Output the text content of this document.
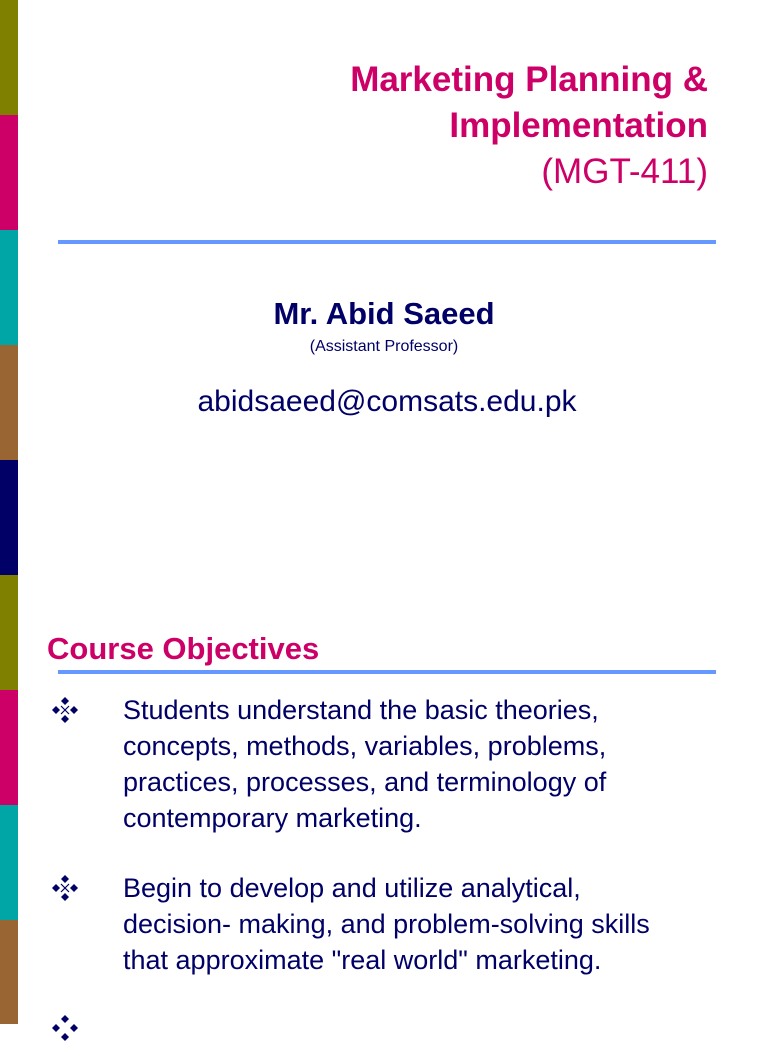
Marketing Planning &
Implementation
(MGT-411)
Mr. Abid Saeed
(Assistant Professor)
abidsaeed@comsats.edu.pk
Course Objectives
Students understand the basic theories,
concepts, methods, variables, problems,
practices, processes, and terminology of
contemporary marketing.
Begin to develop and utilize analytical,
decision- making, and problem-solving skills
that approximate "real world" marketing.
